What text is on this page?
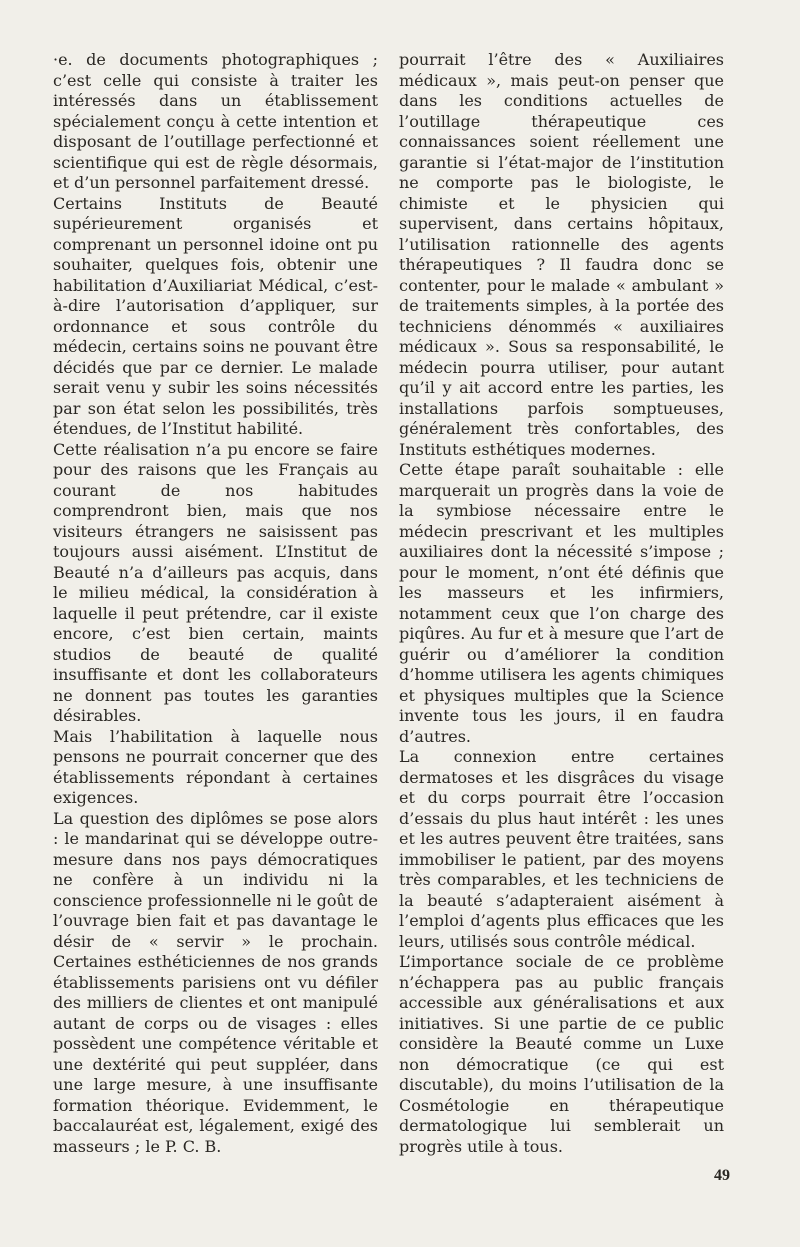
·e. de documents photographiques ; c’est celle qui consiste à traiter les intéressés dans un établissement spécialement conçu à cette intention et disposant de l’outillage perfectionné et scientifique qui est de règle désormais, et d’un personnel parfaitement dressé.

Certains Instituts de Beauté supérieurement organisés et comprenant un personnel idoine ont pu souhaiter, quelques fois, obtenir une habilitation d’Auxiliariat Médical, c’est-à-dire l’autorisation d’appliquer, sur ordonnance et sous contrôle du médecin, certains soins ne pouvant être décidés que par ce dernier. Le malade serait venu y subir les soins nécessités par son état selon les possibilités, très étendues, de l’Institut habilité.

Cette réalisation n’a pu encore se faire pour des raisons que les Français au courant de nos habitudes comprendront bien, mais que nos visiteurs étrangers ne saisissent pas toujours aussi aisément. L’Institut de Beauté n’a d’ailleurs pas acquis, dans le milieu médical, la considération à laquelle il peut prétendre, car il existe encore, c’est bien certain, maints studios de beauté de qualité insuffisante et dont les collaborateurs ne donnent pas toutes les garanties désirables.

Mais l’habilitation à laquelle nous pensons ne pourrait concerner que des établissements répondant à certaines exigences.

La question des diplômes se pose alors : le mandarinat qui se développe outre-mesure dans nos pays démocratiques ne confère à un individu ni la conscience professionnelle ni le goût de l’ouvrage bien fait et pas davantage le désir de « servir » le prochain. Certaines esthéticiennes de nos grands établissements parisiens ont vu défiler des milliers de clientes et ont manipulé autant de corps ou de visages : elles possèdent une compétence véritable et une dextérité qui peut suppléer, dans une large mesure, à une insuffisante formation théorique. Evidemment, le baccalauréat est, légalement, exigé des masseurs ; le P. C. B.

pourrait l’être des « Auxiliaires médicaux », mais peut-on penser que dans les conditions actuelles de l’outillage thérapeutique ces connaissances soient réellement une garantie si l’état-major de l’institution ne comporte pas le biologiste, le chimiste et le physicien qui supervisent, dans certains hôpitaux, l’utilisation rationnelle des agents thérapeutiques ? Il faudra donc se contenter, pour le malade « ambulant » de traitements simples, à la portée des techniciens dénommés « auxiliaires médicaux ». Sous sa responsabilité, le médecin pourra utiliser, pour autant qu’il y ait accord entre les parties, les installations parfois somptueuses, généralement très confortables, des Instituts esthétiques modernes.

Cette étape paraît souhaitable : elle marquerait un progrès dans la voie de la symbiose nécessaire entre le médecin prescrivant et les multiples auxiliaires dont la nécessité s’impose ; pour le moment, n’ont été définis que les masseurs et les infirmiers, notamment ceux que l’on charge des piqûres. Au fur et à mesure que l’art de guérir ou d’améliorer la condition d’homme utilisera les agents chimiques et physiques multiples que la Science invente tous les jours, il en faudra d’autres.

La connexion entre certaines dermatoses et les disgrâces du visage et du corps pourrait être l’occasion d’essais du plus haut intérêt : les unes et les autres peuvent être traitées, sans immobiliser le patient, par des moyens très comparables, et les techniciens de la beauté s’adapteraient aisément à l’emploi d’agents plus efficaces que les leurs, utilisés sous contrôle médical.

L’importance sociale de ce problème n’échappera pas au public français accessible aux généralisations et aux initiatives. Si une partie de ce public considère la Beauté comme un Luxe non démocratique (ce qui est discutable), du moins l’utilisation de la Cosmétologie en thérapeutique dermatologique lui semblerait un progrès utile à tous.

49
